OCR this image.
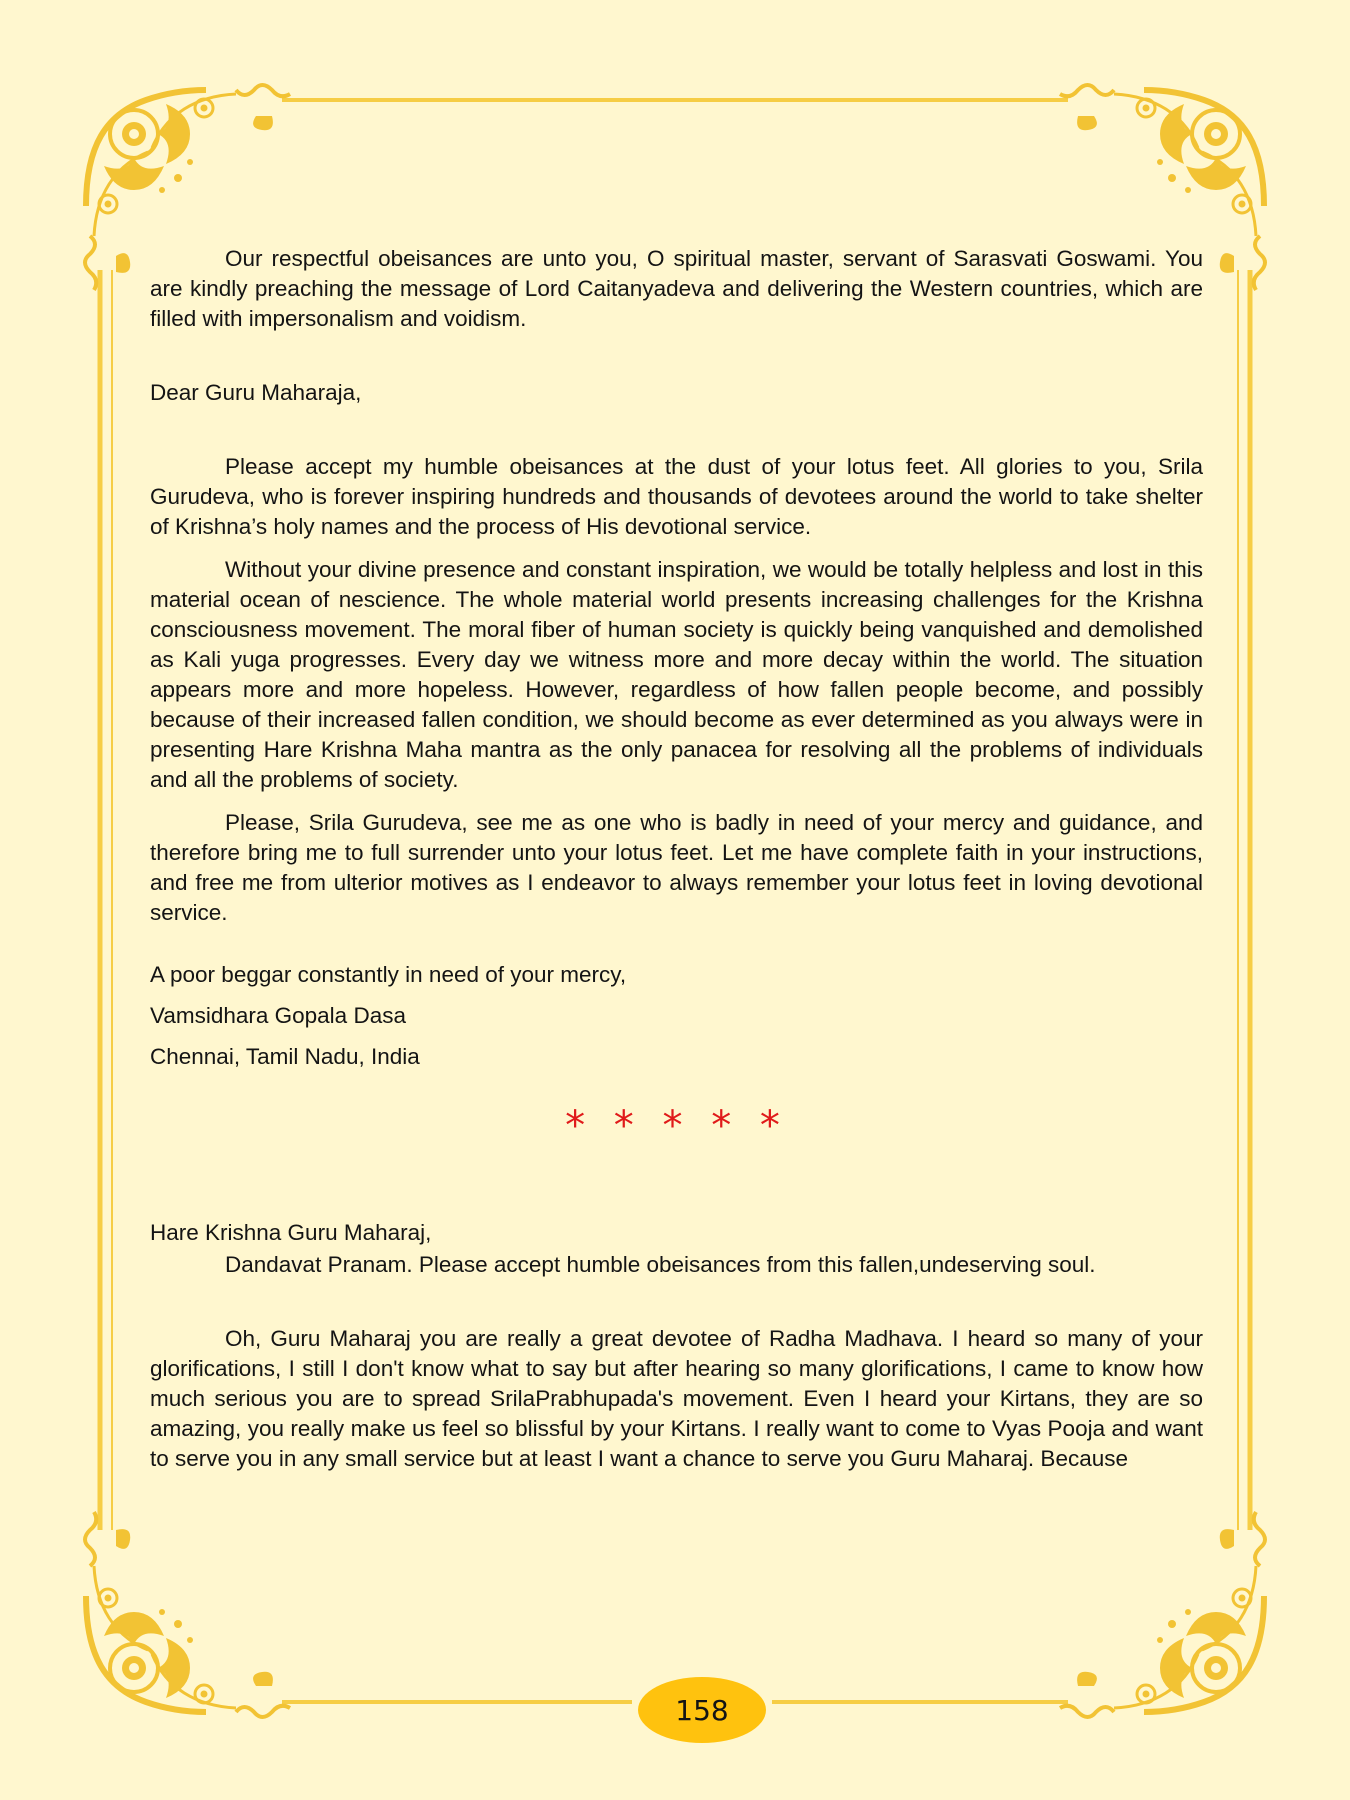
Our respectful obeisances are unto you, O spiritual master, servant of Sarasvati Goswami. You are kindly preaching the message of Lord Caitanyadeva and delivering the Western countries, which are filled with impersonalism and voidism.

Dear Guru Maharaja,

Please accept my humble obeisances at the dust of your lotus feet. All glories to you, Srila Gurudeva, who is forever inspiring hundreds and thousands of devotees around the world to take shelter of Krishna’s holy names and the process of His devotional service.

Without your divine presence and constant inspiration, we would be totally helpless and lost in this material ocean of nescience. The whole material world presents increasing challenges for the Krishna consciousness movement. The moral fiber of human society is quickly being vanquished and demolished as Kali yuga progresses. Every day we witness more and more decay within the world. The situation appears more and more hopeless. However, regardless of how fallen people become, and possibly because of their increased fallen condition, we should become as ever determined as you always were in presenting Hare Krishna Maha mantra as the only panacea for resolving all the problems of individuals and all the problems of society.

Please, Srila Gurudeva, see me as one who is badly in need of your mercy and guidance, and therefore bring me to full surrender unto your lotus feet. Let me have complete faith in your instructions, and free me from ulterior motives as I endeavor to always remember your lotus feet in loving devotional service.

A poor beggar constantly in need of your mercy,

Vamsidhara Gopala Dasa

Chennai, Tamil Nadu, India

* * * * *

Hare Krishna Guru Maharaj,

Dandavat Pranam. Please accept humble obeisances from this fallen,undeserving soul.

Oh, Guru Maharaj you are really a great devotee of Radha Madhava. I heard so many of your glorifications, I still I don't know what to say but after hearing so many glorifications, I came to know how much serious you are to spread SrilaPrabhupada's movement. Even I heard your Kirtans, they are so amazing, you really make us feel so blissful by your Kirtans. I really want to come to Vyas Pooja and want to serve you in any small service but at least I want a chance to serve you Guru Maharaj. Because

158
